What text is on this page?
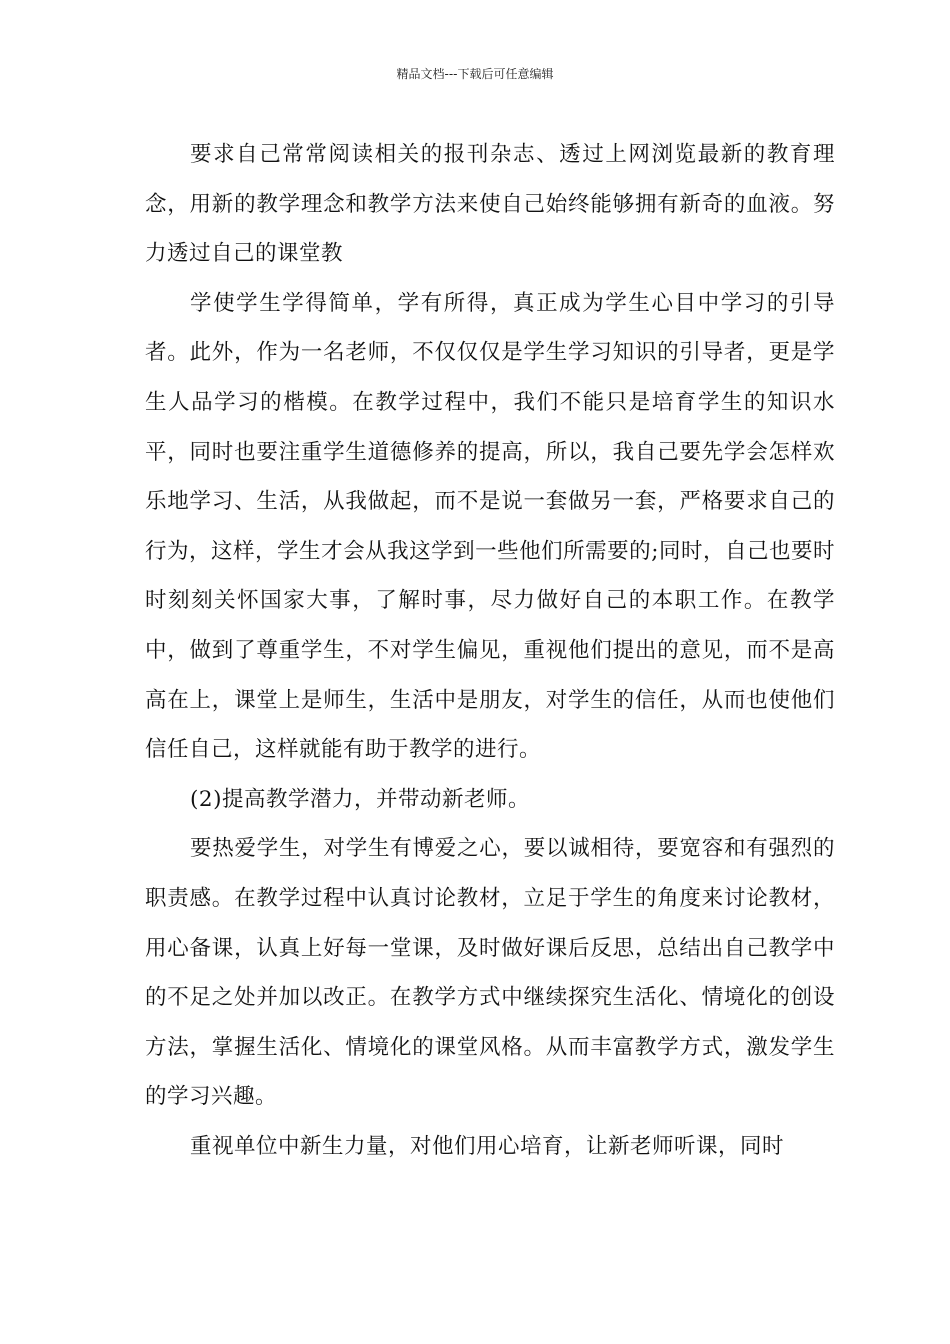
精品文档---下载后可任意编辑

要求自己常常阅读相关的报刊杂志、透过上网浏览最新的教育理念，用新的教学理念和教学方法来使自己始终能够拥有新奇的血液。努力透过自己的课堂教

学使学生学得简单，学有所得，真正成为学生心目中学习的引导者。此外，作为一名老师，不仅仅仅是学生学习知识的引导者，更是学生人品学习的楷模。在教学过程中，我们不能只是培育学生的知识水平，同时也要注重学生道德修养的提高，所以，我自己要先学会怎样欢乐地学习、生活，从我做起，而不是说一套做另一套，严格要求自己的行为，这样，学生才会从我这学到一些他们所需要的;同时，自己也要时时刻刻关怀国家大事，了解时事，尽力做好自己的本职工作。在教学中，做到了尊重学生，不对学生偏见，重视他们提出的意见，而不是高高在上，课堂上是师生，生活中是朋友，对学生的信任，从而也使他们信任自己，这样就能有助于教学的进行。

(2)提高教学潜力，并带动新老师。

要热爱学生，对学生有博爱之心，要以诚相待，要宽容和有强烈的职责感。在教学过程中认真讨论教材，立足于学生的角度来讨论教材，用心备课，认真上好每一堂课，及时做好课后反思，总结出自己教学中的不足之处并加以改正。在教学方式中继续探究生活化、情境化的创设方法，掌握生活化、情境化的课堂风格。从而丰富教学方式，激发学生的学习兴趣。

重视单位中新生力量，对他们用心培育，让新老师听课，同时
